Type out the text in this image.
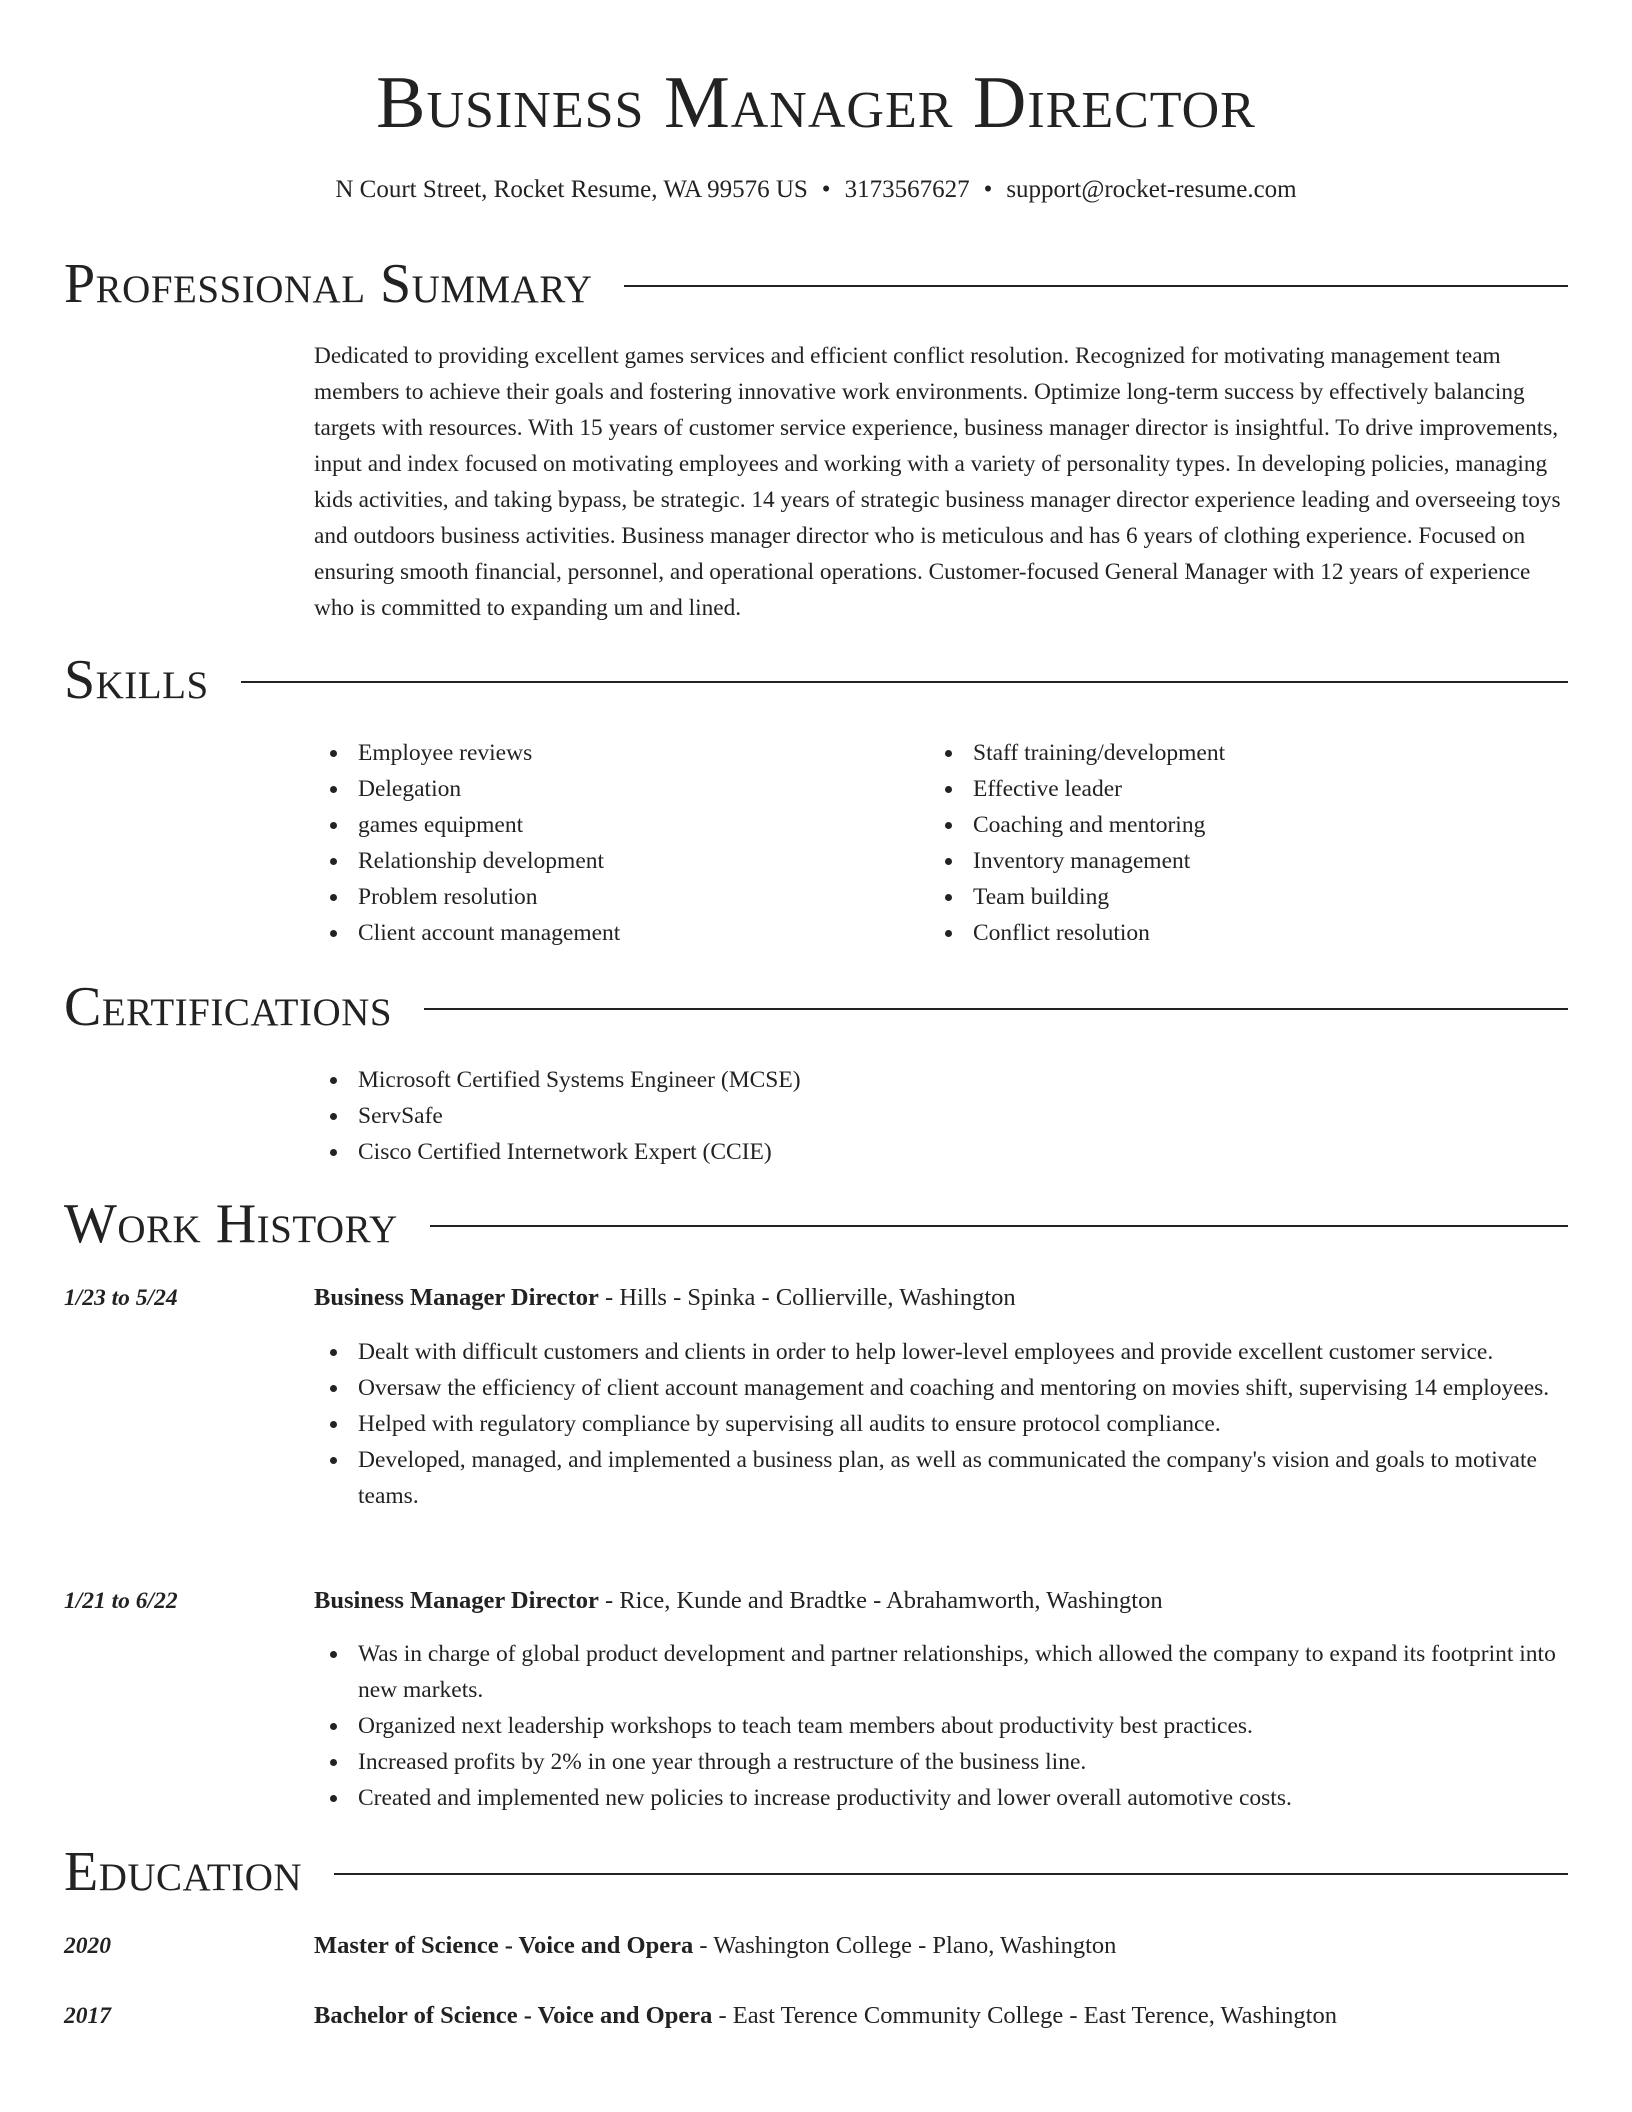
Business Manager Director
N Court Street, Rocket Resume, WA 99576 US • 3173567627 • support@rocket-resume.com
Professional Summary

Dedicated to providing excellent games services and efficient conflict resolution. Recognized for motivating management team members to achieve their goals and fostering innovative work environments. Optimize long-term success by effectively balancing targets with resources. With 15 years of customer service experience, business manager director is insightful. To drive improvements, input and index focused on motivating employees and working with a variety of personality types. In developing policies, managing kids activities, and taking bypass, be strategic. 14 years of strategic business manager director experience leading and overseeing toys and outdoors business activities. Business manager director who is meticulous and has 6 years of clothing experience. Focused on ensuring smooth financial, personnel, and operational operations. Customer-focused General Manager with 12 years of experience who is committed to expanding um and lined.

Skills
Employee reviews
Delegation
games equipment
Relationship development
Problem resolution
Client account management
Staff training/development
Effective leader
Coaching and mentoring
Inventory management
Team building
Conflict resolution
Certifications
Microsoft Certified Systems Engineer (MCSE)
ServSafe
Cisco Certified Internetwork Expert (CCIE)
Work History
1/23 to 5/24	Business Manager Director - Hills - Spinka - Collierville, Washington
Dealt with difficult customers and clients in order to help lower-level employees and provide excellent customer service.
Oversaw the efficiency of client account management and coaching and mentoring on movies shift, supervising 14 employees.
Helped with regulatory compliance by supervising all audits to ensure protocol compliance.
Developed, managed, and implemented a business plan, as well as communicated the company's vision and goals to motivate teams.
1/21 to 6/22	Business Manager Director - Rice, Kunde and Bradtke - Abrahamworth, Washington
Was in charge of global product development and partner relationships, which allowed the company to expand its footprint into new markets.
Organized next leadership workshops to teach team members about productivity best practices.
Increased profits by 2% in one year through a restructure of the business line.
Created and implemented new policies to increase productivity and lower overall automotive costs.
Education
2020	Master of Science - Voice and Opera - Washington College - Plano, Washington
2017	Bachelor of Science - Voice and Opera - East Terence Community College - East Terence, Washington
